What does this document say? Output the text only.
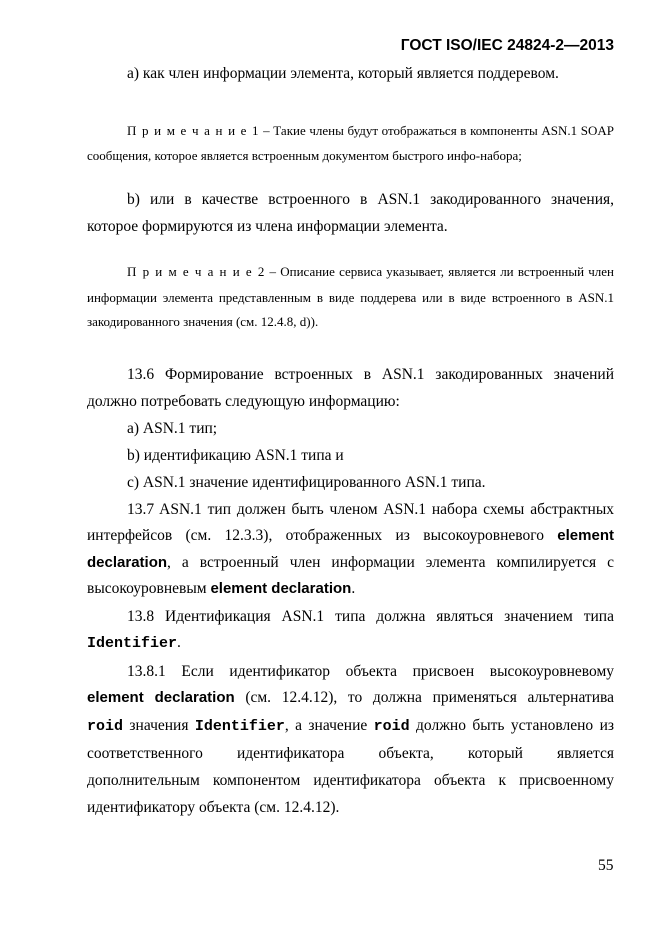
ГОСТ ISO/IEC 24824-2—2013
а) как член информации элемента, который является поддеревом.
П р и м е ч а н и е 1 – Такие члены будут отображаться в компоненты ASN.1 SOAP
сообщения, которое является встроенным документом быстрого инфо-набора;
b) или в качестве встроенного в ASN.1 закодированного значения,
которое формируются из члена информации элемента.
П р и м е ч а н и е 2 – Описание сервиса указывает, является ли встроенный член
информации элемента представленным в виде поддерева или в виде встроенного в ASN.1
закодированного значения (см. 12.4.8, d)).
13.6 Формирование встроенных в ASN.1 закодированных значений
должно потребовать следующую информацию:
а) ASN.1 тип;
b) идентификацию ASN.1 типа и
с) ASN.1 значение идентифицированного ASN.1 типа.
13.7 ASN.1 тип должен быть членом ASN.1 набора схемы абстрактных
интерфейсов (см. 12.3.3), отображенных из высокоуровневого element
declaration, а встроенный член информации элемента компилируется с
высокоуровневым element declaration.
13.8 Идентификация ASN.1 типа должна являться значением типа
Identifier.
13.8.1 Если идентификатор объекта присвоен высокоуровневому
element declaration (см. 12.4.12), то должна применяться альтернатива
roid значения Identifier, а значение roid должно быть установлено из
соответственного идентификатора объекта, который является
дополнительным компонентом идентификатора объекта к присвоенному
идентификатору объекта (см. 12.4.12).
55
